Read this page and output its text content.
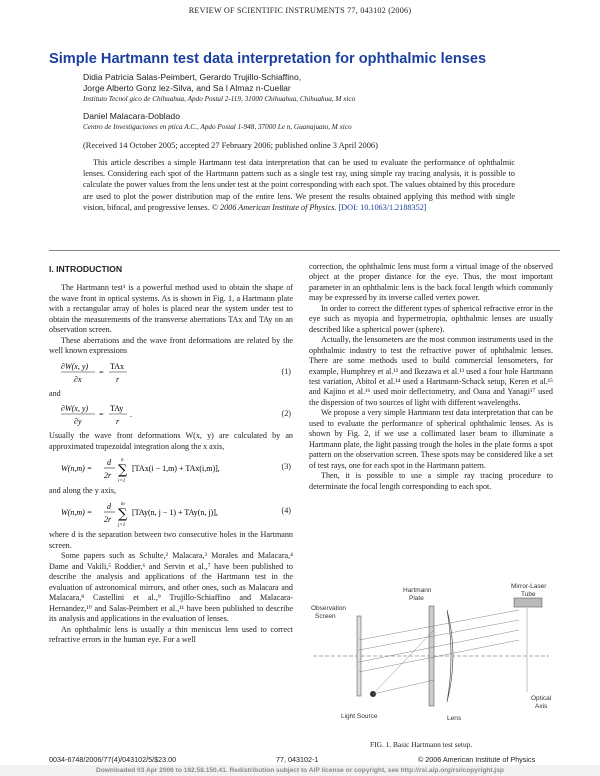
REVIEW OF SCIENTIFIC INSTRUMENTS 77, 043102 (2006)
Simple Hartmann test data interpretation for ophthalmic lenses
Didia Patricia Salas-Peimbert, Gerardo Trujillo-Schiaffino,
Jorge Alberto Gonz lez-Silva, and Sa l Almaz n-Cuellar
Instituto Tecnol gico de Chihuahua, Apdo Postal 2-119, 31000 Chihuahua, Chihuahua, M xico
Daniel Malacara-Doblado
Centro de Investigaciones en ptica A.C., Apdo Postal 1-948, 37000 Le n, Guanajuato, M xico
(Received 14 October 2005; accepted 27 February 2006; published online 3 April 2006)

This article describes a simple Hartmann test data interpretation that can be used to evaluate the performance of ophthalmic lenses. Considering each spot of the Hartmann pattern such as a single test ray, using simple ray tracing analysis, it is possible to calculate the power values from the lens under test at the point corresponding with each spot. The values obtained by this procedure are used to plot the power distribution map of the entire lens. We present the results obtained applying this method with single vision, bifocal, and progressive lenses. © 2006 American Institute of Physics. [DOI: 10.1063/1.2188352]

I. INTRODUCTION

The Hartmann test¹ is a powerful method used to obtain the shape of the wave front in optical systems. As is shown in Fig. 1, a Hartmann plate with a rectangular array of holes is placed near the system under test to obtain the measurements of the transverse aberrations TAx and TAy on an observation screen.

These aberrations and the wave front deformations are related by the well known expressions

∂W(x, y)
∂x
=
TAx
r
(1)

and

∂W(x, y)
∂y
=
TAy
r
.	(2)

Usually the wave front deformations W(x, y) are calculated by an approximated trapezoidal integration along the x axis,

W(n,m) =
d
2r ∑
n
i=1
[TAx(i − 1,m) + TAx(i,m)],	(3)

and along the y axis,

W(n,m) =
d
2r ∑
m
j=1
[TAy(n, j − 1) + TAy(n, j)],	(4)

where d is the separation between two consecutive holes in the Hartmann screen.

Some papers such as Schulte,² Malacara,³ Morales and Malacara,⁴ Dame and Vakili,⁵ Roddier,⁶ and Servin et al.,⁷ have been published to describe the analysis and applications of the Hartmann test in the evaluation of astronomical mirrors, and other ones, such as Malacara and Malacara,⁸ Castellini et al.,⁹ Trujillo-Schiaffino and Malacara-Hernandez,¹⁰ and Salas-Peimbert et al.,¹¹ have been published to describe its analysis and applications in the evaluation of lenses.

An ophthalmic lens is usually a thin meniscus lens used to correct refractive errors in the human eye. For a well

correction, the ophthalmic lens must form a virtual image of the observed object at the proper distance for the eye. Thus, the most important parameter in an ophthalmic lens is the back focal length which commonly may be expressed by its inverse called vertex power.

In order to correct the different types of spherical refractive error in the eye such as myopia and hypermetropia, ophthalmic lenses are usually described like a spherical power (sphere).

Actually, the lensometers are the most common instruments used in the ophthalmic industry to test the refractive power of ophthalmic lenses. There are some methods used to build commercial lensometers, for example, Humphrey et al.¹² and Ikezawa et al.¹³ used a four hole Hartmann test variation, Abitol et al.¹⁴ used a Hartmann-Schack setup, Keren et al.¹⁵ and Kajino et al.¹⁶ used moir deflectometry, and Oana and Yanagi¹⁷ used the dispersion of two sources of light with different wavelengths.

We propose a very simple Hartmann test data interpretation that can be used to evaluate the performance of spherical ophthalmic lenses. As is shown by Fig. 2, if we use a collimated laser beam to illuminate a Hartmann plate, the light passing trough the holes in the plate forms a spot pattern on the observation screen. These spots may be considered like a set of test rays, one for each spot in the Hartmann pattern.

Then, it is possible to use a simple ray tracing procedure to determinate the focal length corresponding to each spot.

Hartmann
Plate
Mirror-Laser
Tube
Observation
Screen
Light Source	Lens
Optical
Axis
FIG. 1. Basic Hartmann test setup.
0034-6748/2006/77(4)/043102/5/$23.00	77, 043102-1	© 2006 American Institute of Physics
Downloaded 03 Apr 2006 to 192.58.150.41. Redistribution subject to AIP license or copyright, see http://rsi.aip.org/rsi/copyright.jsp
